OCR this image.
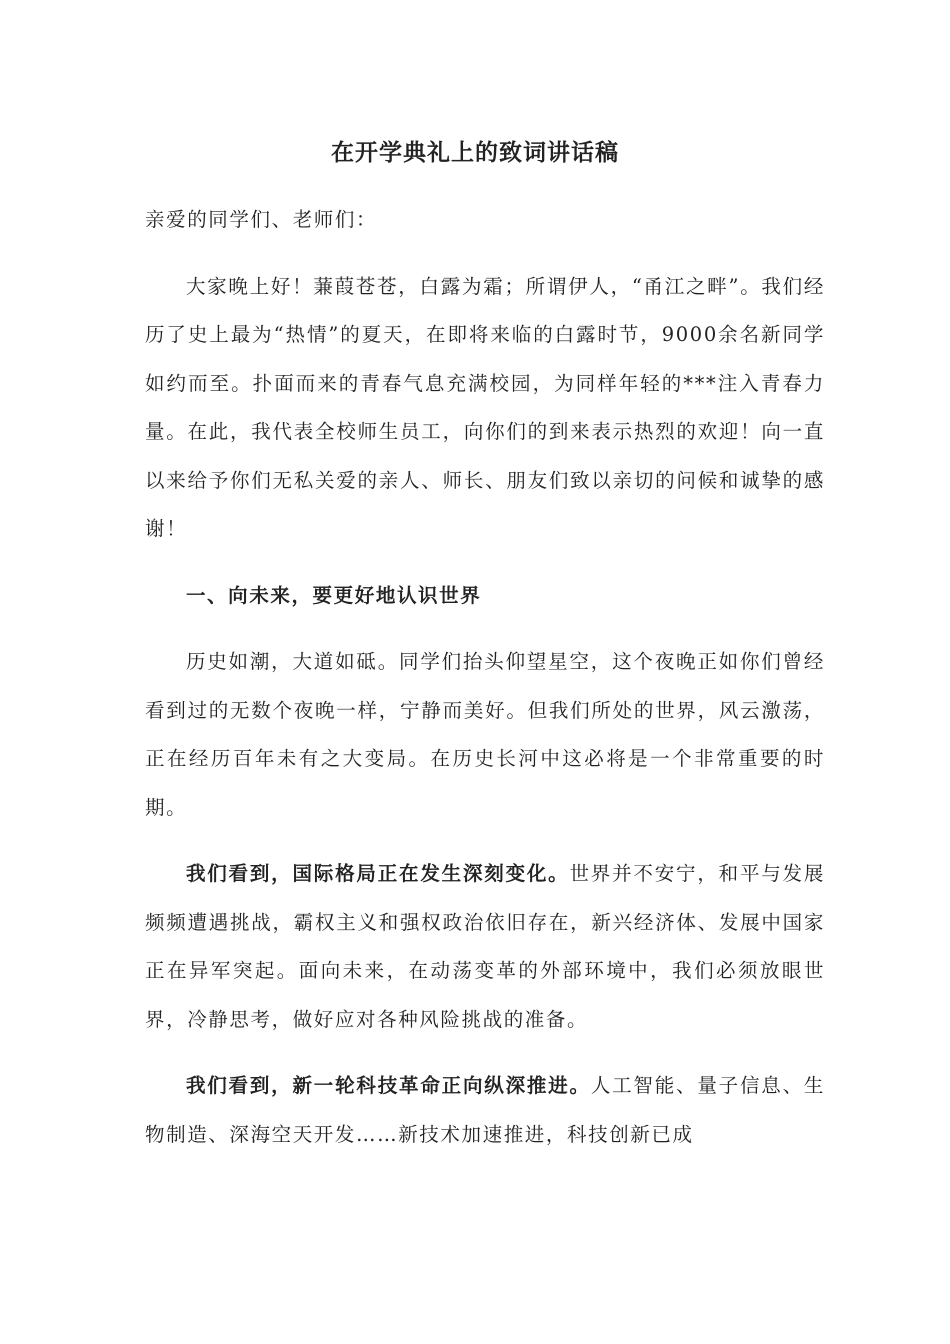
在开学典礼上的致词讲话稿

亲爱的同学们、老师们：

大家晚上好！蒹葭苍苍，白露为霜；所谓伊人，“甬江之畔”。我们经历了史上最为“热情”的夏天，在即将来临的白露时节，9000余名新同学如约而至。扑面而来的青春气息充满校园，为同样年轻的***注入青春力量。在此，我代表全校师生员工，向你们的到来表示热烈的欢迎！向一直以来给予你们无私关爱的亲人、师长、朋友们致以亲切的问候和诚挚的感谢！

一、向未来，要更好地认识世界

历史如潮，大道如砥。同学们抬头仰望星空，这个夜晚正如你们曾经看到过的无数个夜晚一样，宁静而美好。但我们所处的世界，风云激荡，正在经历百年未有之大变局。在历史长河中这必将是一个非常重要的时期。

我们看到，国际格局正在发生深刻变化。世界并不安宁，和平与发展频频遭遇挑战，霸权主义和强权政治依旧存在，新兴经济体、发展中国家正在异军突起。面向未来，在动荡变革的外部环境中，我们必须放眼世界，冷静思考，做好应对各种风险挑战的准备。

我们看到，新一轮科技革命正向纵深推进。人工智能、量子信息、生物制造、深海空天开发……新技术加速推进，科技创新已成
